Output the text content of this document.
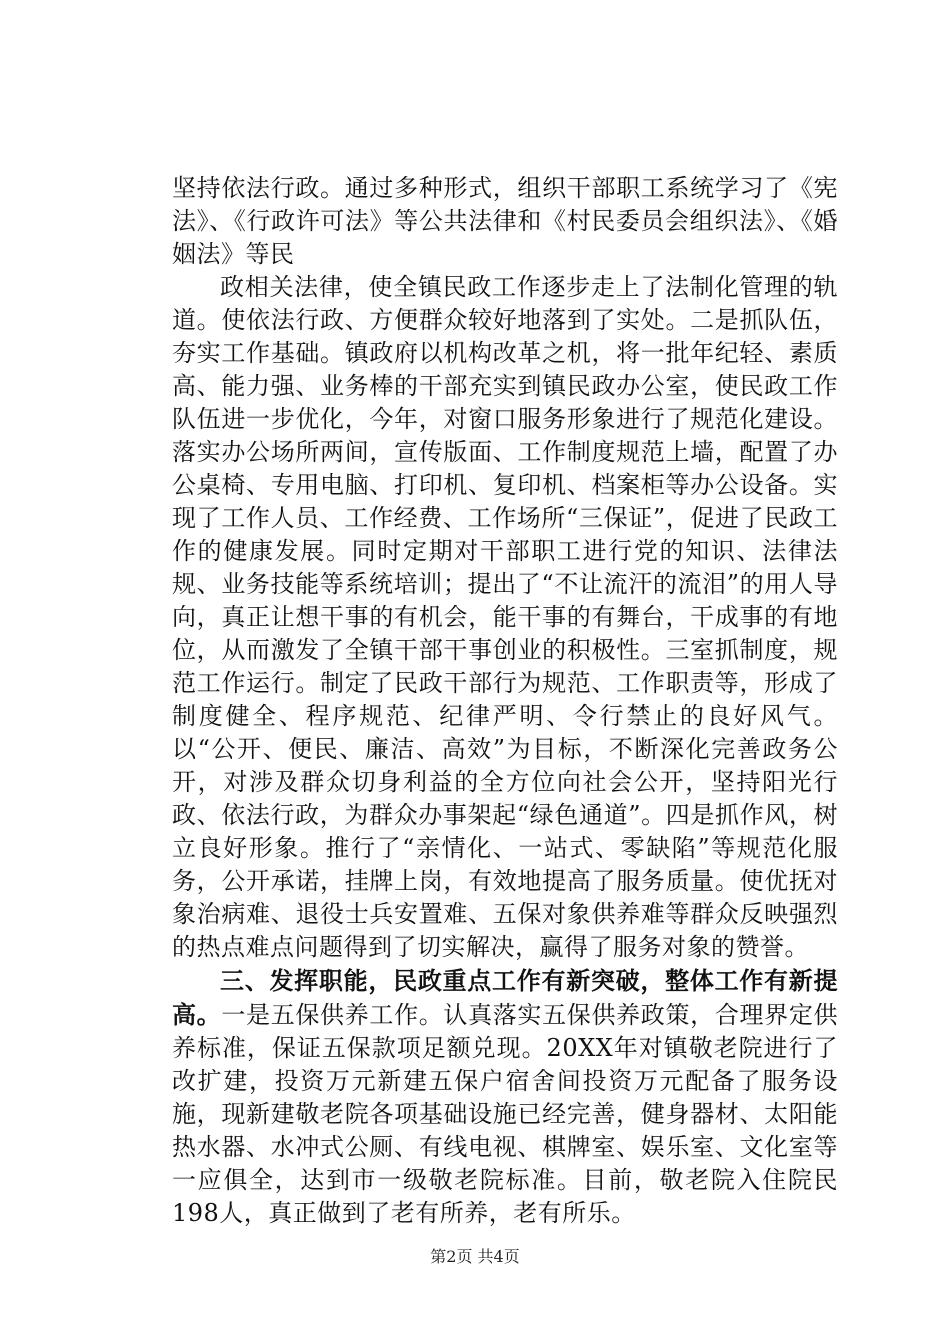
坚持依法行政。通过多种形式，组织干部职工系统学习了《宪法》、《行政许可法》等公共法律和《村民委员会组织法》、《婚姻法》等民

政相关法律，使全镇民政工作逐步走上了法制化管理的轨道。使依法行政、方便群众较好地落到了实处。二是抓队伍，夯实工作基础。镇政府以机构改革之机，将一批年纪轻、素质高、能力强、业务棒的干部充实到镇民政办公室，使民政工作队伍进一步优化，今年，对窗口服务形象进行了规范化建设。落实办公场所两间，宣传版面、工作制度规范上墙，配置了办公桌椅、专用电脑、打印机、复印机、档案柜等办公设备。实现了工作人员、工作经费、工作场所“三保证”，促进了民政工作的健康发展。同时定期对干部职工进行党的知识、法律法规、业务技能等系统培训；提出了“不让流汗的流泪”的用人导向，真正让想干事的有机会，能干事的有舞台，干成事的有地位，从而激发了全镇干部干事创业的积极性。三室抓制度，规范工作运行。制定了民政干部行为规范、工作职责等，形成了制度健全、程序规范、纪律严明、令行禁止的良好风气。以“公开、便民、廉洁、高效”为目标，不断深化完善政务公开，对涉及群众切身利益的全方位向社会公开，坚持阳光行政、依法行政，为群众办事架起“绿色通道”。四是抓作风，树立良好形象。推行了“亲情化、一站式、零缺陷”等规范化服务，公开承诺，挂牌上岗，有效地提高了服务质量。使优抚对象治病难、退役士兵安置难、五保对象供养难等群众反映强烈的热点难点问题得到了切实解决，赢得了服务对象的赞誉。

三、发挥职能，民政重点工作有新突破，整体工作有新提高。一是五保供养工作。认真落实五保供养政策，合理界定供养标准，保证五保款项足额兑现。20XX年对镇敬老院进行了改扩建，投资万元新建五保户宿舍间投资万元配备了服务设施，现新建敬老院各项基础设施已经完善，健身器材、太阳能热水器、水冲式公厕、有线电视、棋牌室、娱乐室、文化室等一应俱全，达到市一级敬老院标准。目前，敬老院入住院民198人，真正做到了老有所养，老有所乐。

第2页 共4页
